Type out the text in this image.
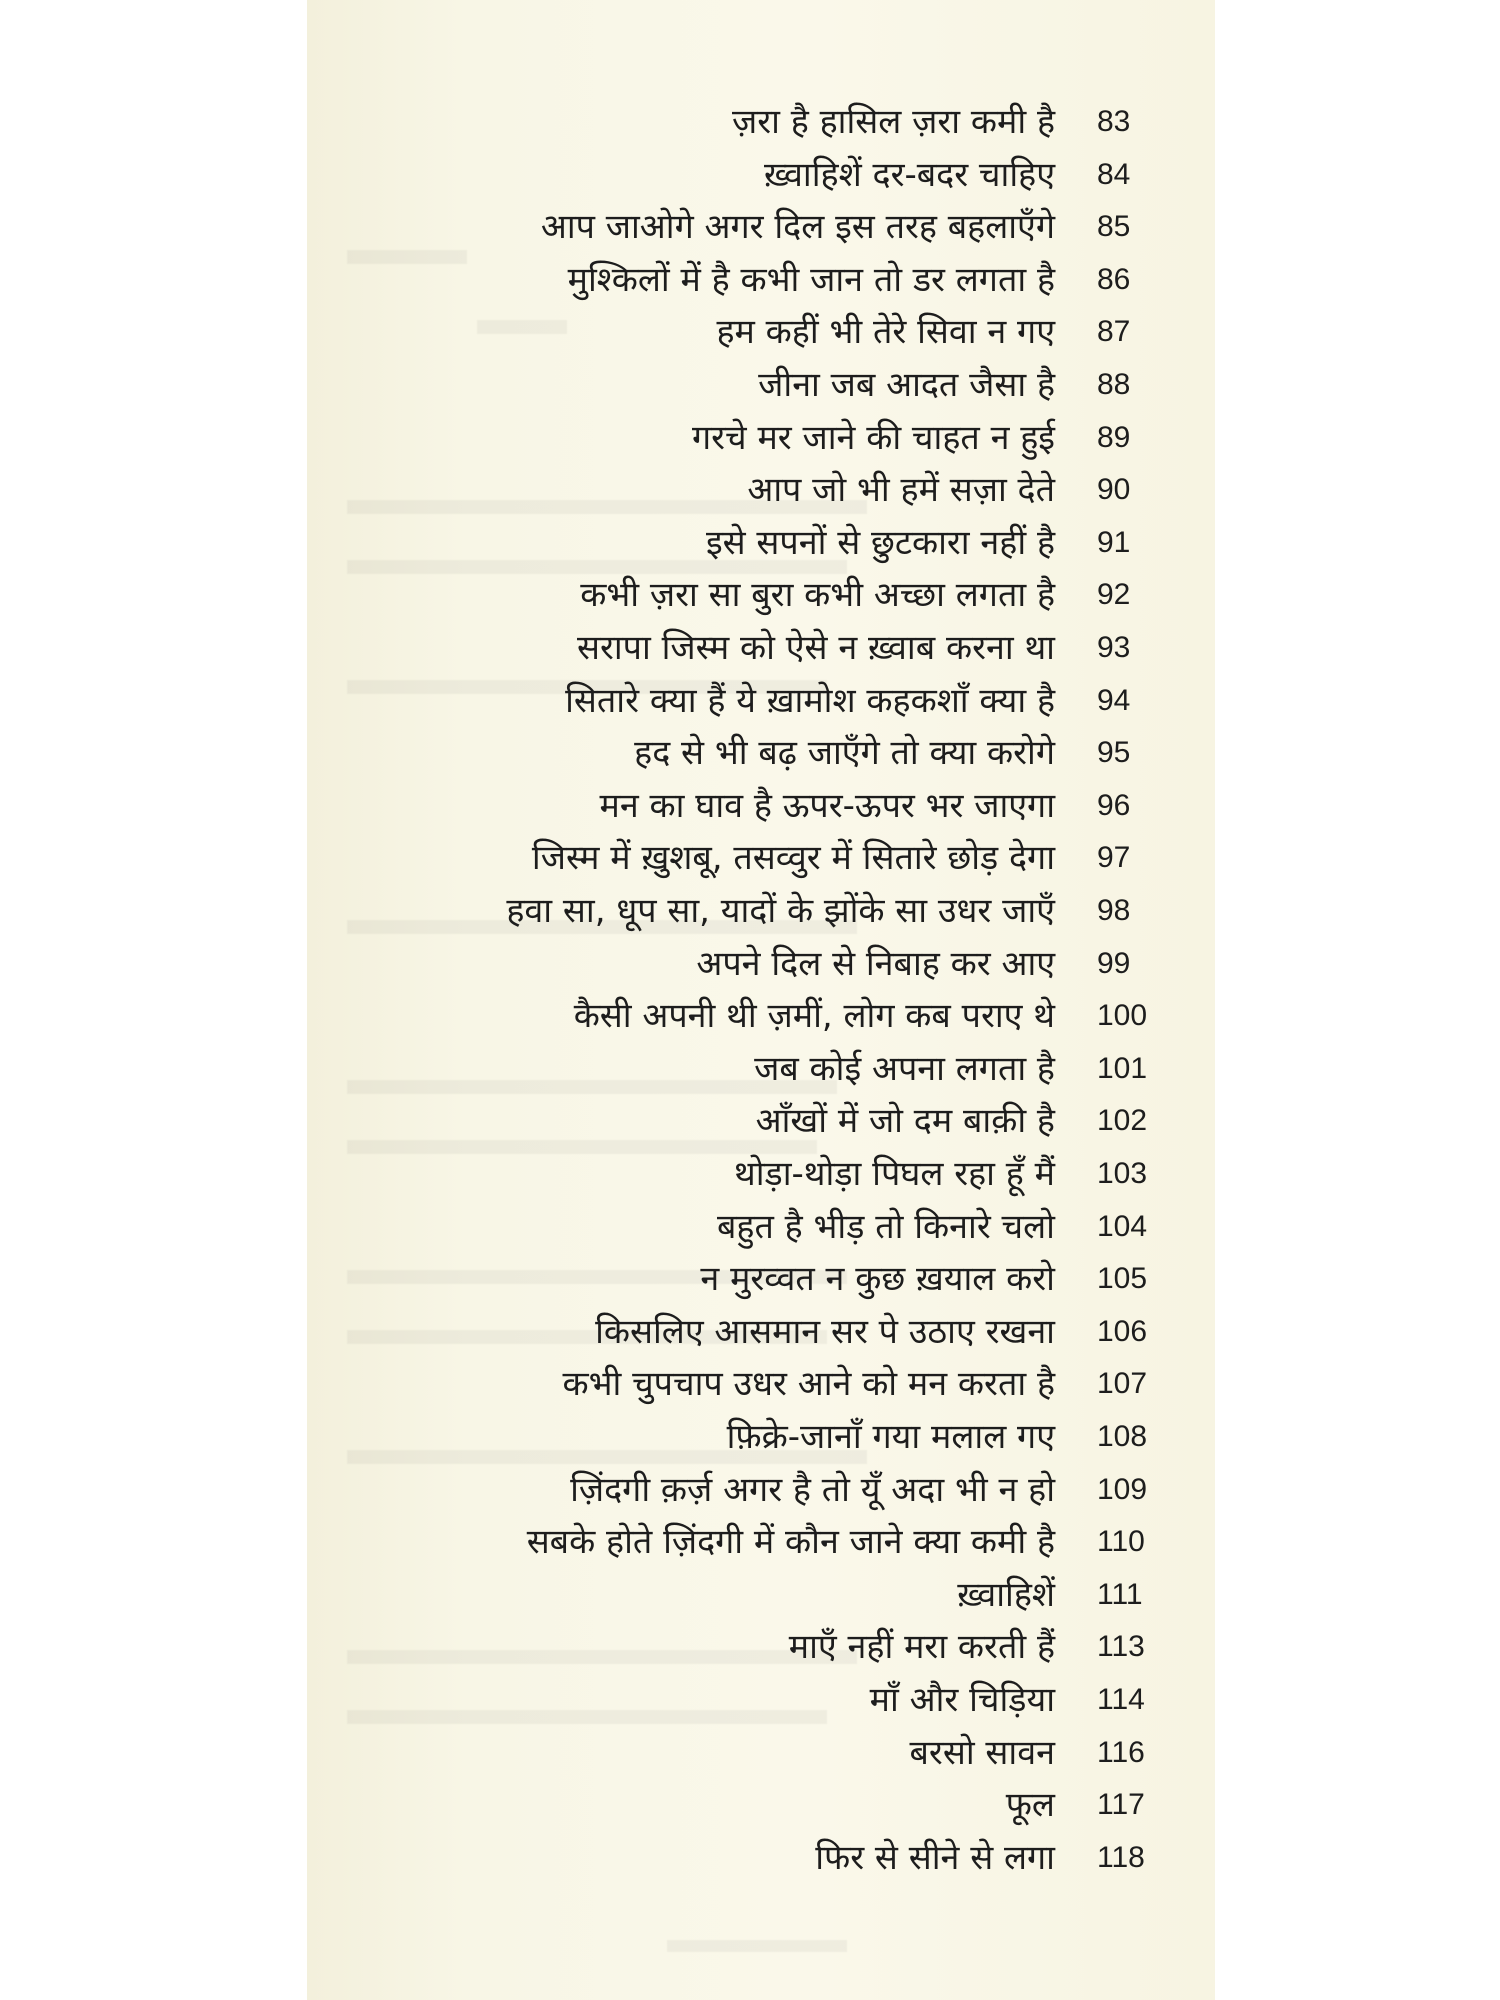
ज़रा है हासिल ज़रा कमी है 83
ख़्वाहिशें दर-बदर चाहिए 84
आप जाओगे अगर दिल इस तरह बहलाएँगे 85
मुश्किलों में है कभी जान तो डर लगता है 86
हम कहीं भी तेरे सिवा न गए 87
जीना जब आदत जैसा है 88
गरचे मर जाने की चाहत न हुई 89
आप जो भी हमें सज़ा देते 90
इसे सपनों से छुटकारा नहीं है 91
कभी ज़रा सा बुरा कभी अच्छा लगता है 92
सरापा जिस्म को ऐसे न ख़्वाब करना था 93
सितारे क्या हैं ये ख़ामोश कहकशाँ क्या है 94
हद से भी बढ़ जाएँगे तो क्या करोगे 95
मन का घाव है ऊपर-ऊपर भर जाएगा 96
जिस्म में ख़ुशबू, तसव्वुर में सितारे छोड़ देगा 97
हवा सा, धूप सा, यादों के झोंके सा उधर जाएँ 98
अपने दिल से निबाह कर आए 99
कैसी अपनी थी ज़मीं, लोग कब पराए थे 100
जब कोई अपना लगता है 101
आँखों में जो दम बाक़ी है 102
थोड़ा-थोड़ा पिघल रहा हूँ मैं 103
बहुत है भीड़ तो किनारे चलो 104
न मुरव्वत न कुछ ख़याल करो 105
किसलिए आसमान सर पे उठाए रखना 106
कभी चुपचाप उधर आने को मन करता है 107
फ़िक्रे-जानाँ गया मलाल गए 108
ज़िंदगी क़र्ज़ अगर है तो यूँ अदा भी न हो 109
सबके होते ज़िंदगी में कौन जाने क्या कमी है 110
ख़्वाहिशें 111
माएँ नहीं मरा करती हैं 113
माँ और चिड़िया 114
बरसो सावन 116
फूल 117
फिर से सीने से लगा 118
